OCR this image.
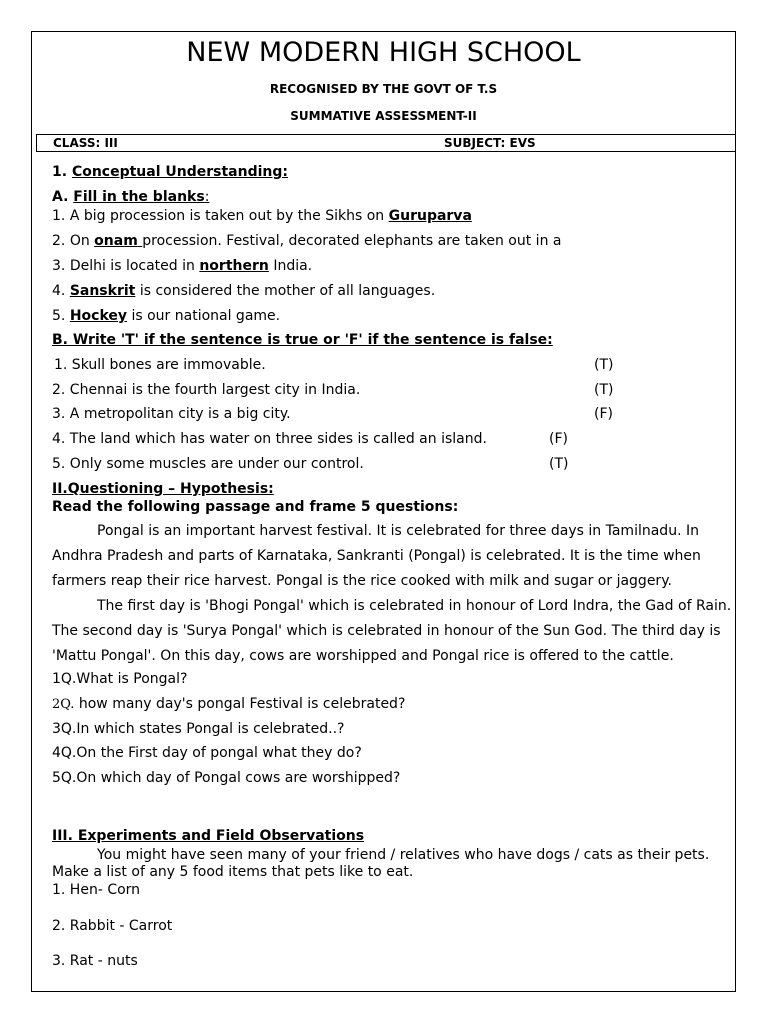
NEW MODERN HIGH SCHOOL
RECOGNISED BY THE GOVT OF T.S
SUMMATIVE ASSESSMENT-II
CLASS: III	SUBJECT: EVS
1. Conceptual Understanding:
A. Fill in the blanks:
1. A big procession is taken out by the Sikhs on Guruparva
2. On onam procession. Festival, decorated elephants are taken out in a
3. Delhi is located in northern India.
4. Sanskrit is considered the mother of all languages.
5. Hockey is our national game.
B. Write 'T' if the sentence is true or 'F' if the sentence is false:
1. Skull bones are immovable.	(T)
2. Chennai is the fourth largest city in India.	(T)
3. A metropolitan city is a big city.	(F)
4. The land which has water on three sides is called an island.	(F)
5. Only some muscles are under our control.	(T)
II.Questioning – Hypothesis:
Read the following passage and frame 5 questions:
Pongal is an important harvest festival. It is celebrated for three days in Tamilnadu. In Andhra Pradesh and parts of Karnataka, Sankranti (Pongal) is celebrated. It is the time when farmers reap their rice harvest. Pongal is the rice cooked with milk and sugar or jaggery.
The first day is 'Bhogi Pongal' which is celebrated in honour of Lord Indra, the Gad of Rain. The second day is 'Surya Pongal' which is celebrated in honour of the Sun God. The third day is 'Mattu Pongal'. On this day, cows are worshipped and Pongal rice is offered to the cattle.
1Q.What is Pongal?
2Q. how many day's pongal Festival is celebrated?
3Q.In which states Pongal is celebrated..?
4Q.On the First day of pongal what they do?
5Q.On which day of Pongal cows are worshipped?
III. Experiments and Field Observations
You might have seen many of your friend / relatives who have dogs / cats as their pets.
Make a list of any 5 food items that pets like to eat.
1. Hen- Corn
2. Rabbit - Carrot
3. Rat - nuts
